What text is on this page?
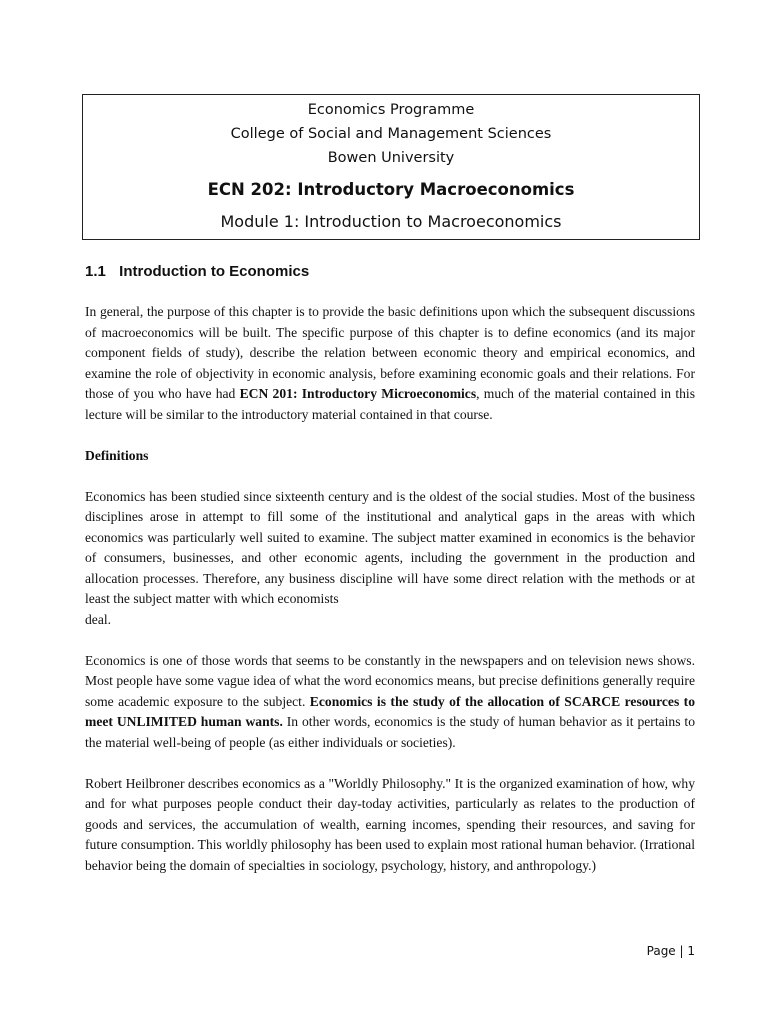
Economics Programme
College of Social and Management Sciences
Bowen University
ECN 202: Introductory Macroeconomics
Module 1: Introduction to Macroeconomics
1.1 Introduction to Economics

In general, the purpose of this chapter is to provide the basic definitions upon which the subsequent discussions of macroeconomics will be built. The specific purpose of this chapter is to define economics (and its major component fields of study), describe the relation between economic theory and empirical economics, and examine the role of objectivity in economic analysis, before examining economic goals and their relations. For those of you who have had ECN 201: Introductory Microeconomics, much of the material contained in this lecture will be similar to the introductory material contained in that course.

Definitions

Economics has been studied since sixteenth century and is the oldest of the social studies. Most of the business disciplines arose in attempt to fill some of the institutional and analytical gaps in the areas with which economics was particularly well suited to examine. The subject matter examined in economics is the behavior of consumers, businesses, and other economic agents, including the government in the production and allocation processes. Therefore, any business discipline will have some direct relation with the methods or at least the subject matter with which economists
deal.

Economics is one of those words that seems to be constantly in the newspapers and on television news shows. Most people have some vague idea of what the word economics means, but precise definitions generally require some academic exposure to the subject. Economics is the study of the allocation of SCARCE resources to meet UNLIMITED human wants. In other words, economics is the study of human behavior as it pertains to the material well-being of people (as either individuals or societies).

Robert Heilbroner describes economics as a "Worldly Philosophy." It is the organized examination of how, why and for what purposes people conduct their day-today activities, particularly as relates to the production of goods and services, the accumulation of wealth, earning incomes, spending their resources, and saving for future consumption. This worldly philosophy has been used to explain most rational human behavior. (Irrational behavior being the domain of specialties in sociology, psychology, history, and anthropology.)

Page | 1
